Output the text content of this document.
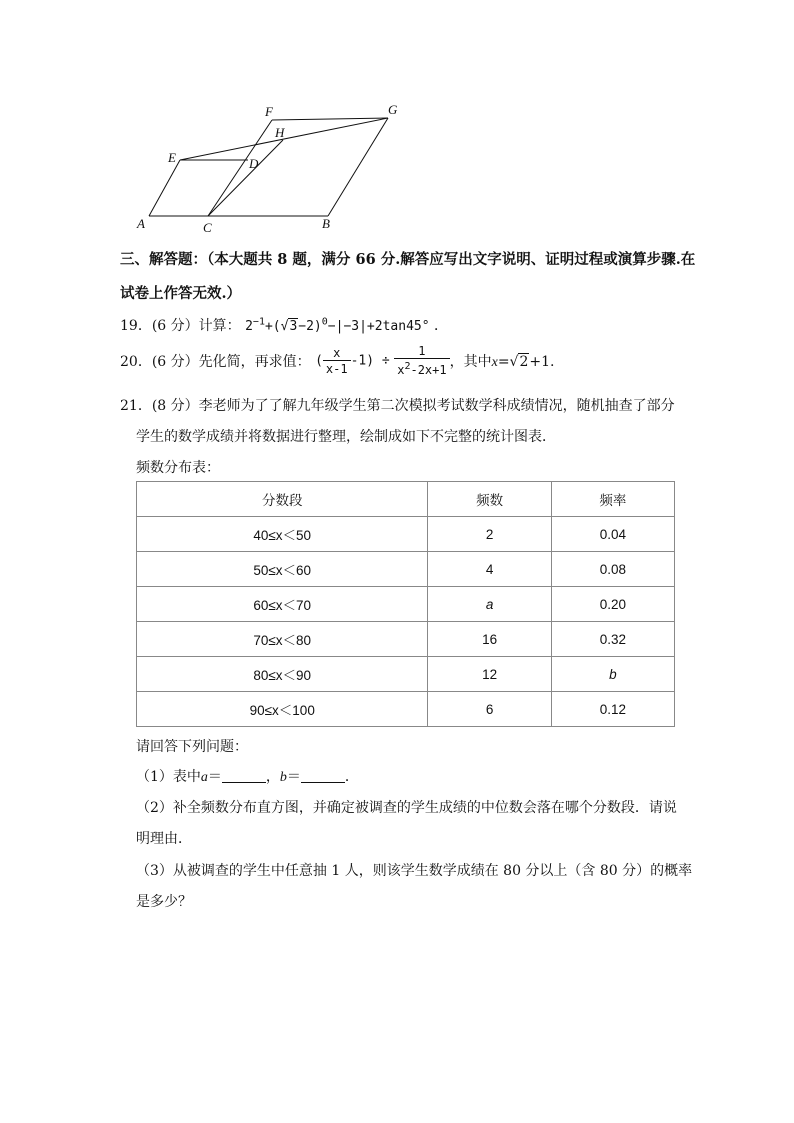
E
F	G
H
D
A	C	B
三、解答题：（本大题共 8 题，满分 66 分.解答应写出文字说明、证明过程或演算步骤.在
试卷上作答无效.）
19．(6 分）计算： $2^{-1}+(√3-2)^0-|-3|+2\tan 45^\circ$ ．
20．(6 分）先化简，再求值： ( $\frac{x}{x-1} -1) \div \frac{1}{x^2-2x+1}$ ，其中x=√2+1.
21．(8 分）李老师为了了解九年级学生第二次模拟考试数学科成绩情况，随机抽查了部分
学生的数学成绩并将数据进行整理，绘制成如下不完整的统计图表．
频数分布表：
分数段	频数	频率
40≤x＜50	2	0.04
50≤x＜60	4	0.08
60≤x＜70	a	0.20
70≤x＜80	16	0.32
80≤x＜90	12	b
90≤x＜100	6	0.12
请回答下列问题：
（1）表中a＝	，b＝	．
（2）补全频数分布直方图，并确定被调查的学生成绩的中位数会落在哪个分数段．请说
明理由．
（3）从被调查的学生中任意抽 1 人，则该学生数学成绩在 80 分以上（含 80 分）的概率
是多少？
